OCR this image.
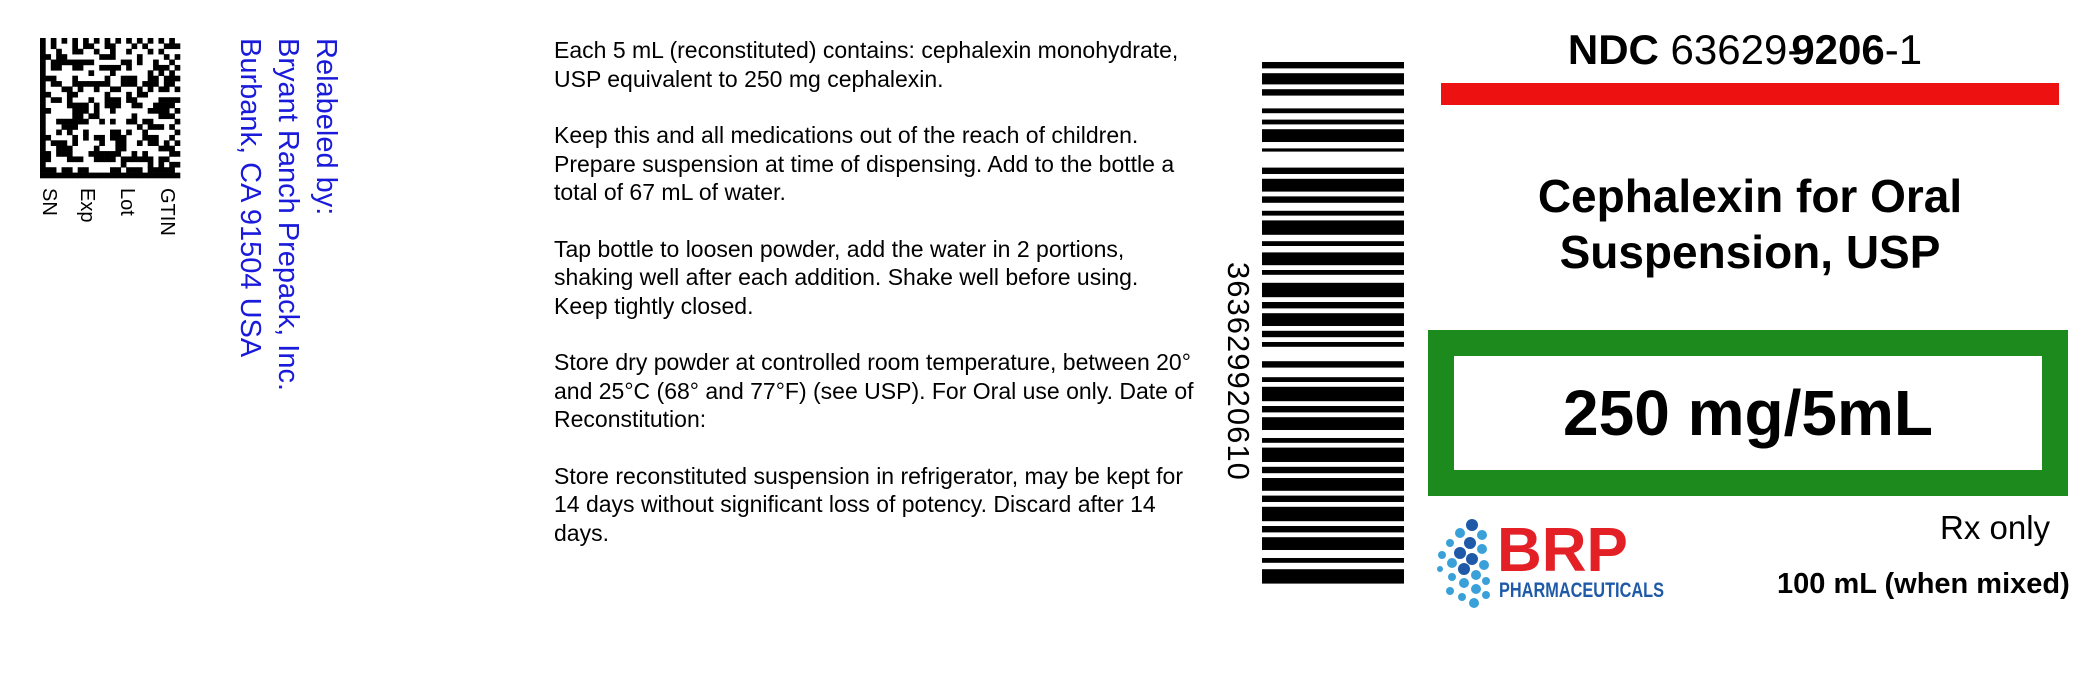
GTIN
Lot
Exp
SN	Relabeled by:
Bryant Ranch Prepack, Inc.
Burbank, CA 91504 USA	Each 5 mL (reconstituted) contains: cephalexin monohydrate, USP equivalent to 250 mg cephalexin.

Keep this and all medications out of the reach of children. Prepare suspension at time of dispensing. Add to the bottle a total of 67 mL of water.

Tap bottle to loosen powder, add the water in 2 portions, shaking well after each addition. Shake well before using. Keep tightly closed.

Store dry powder at controlled room temperature, between 20° and 25°C (68° and 77°F) (see USP). For Oral use only. Date of Reconstitution:

Store reconstituted suspension in refrigerator, may be kept for 14 days without significant loss of potency. Discard after 14 days.

363629920610
NDC 63629-9206-1
Cephalexin for Oral
Suspension, USP
250 mg/5mL
BRP
PHARMACEUTICALS
Rx only
100 mL (when mixed)
